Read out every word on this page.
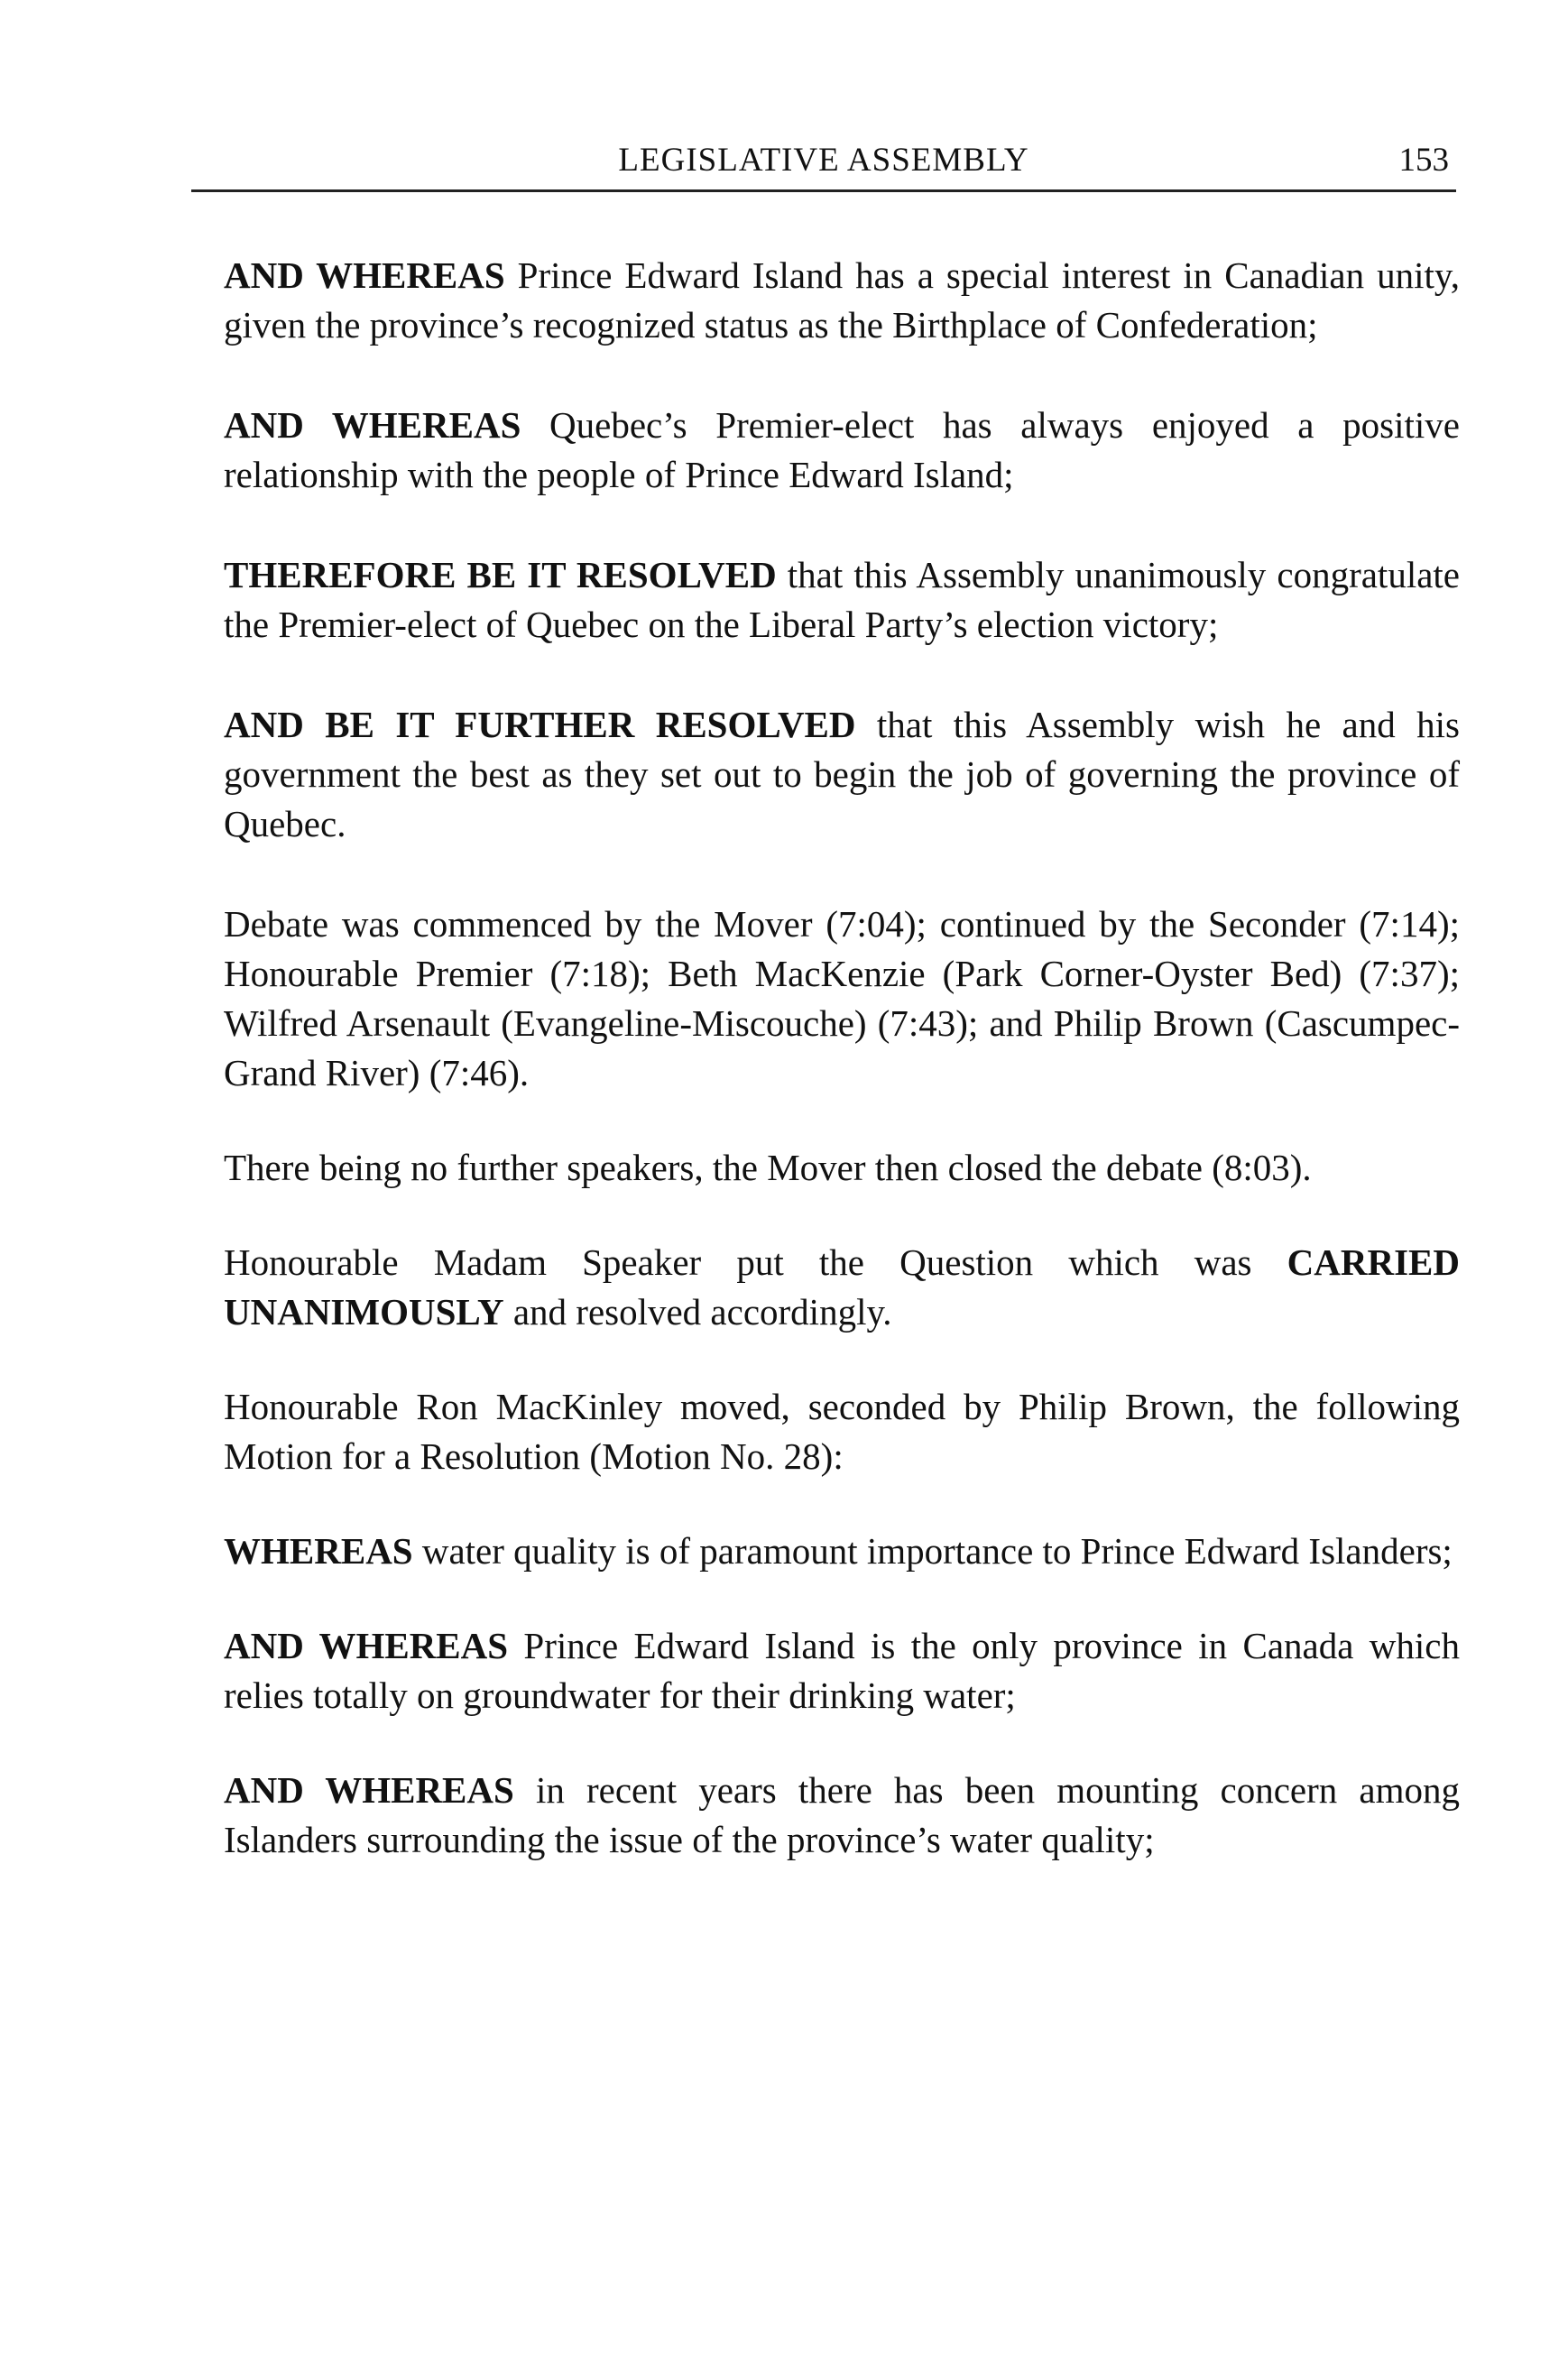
LEGISLATIVE ASSEMBLY	153

AND WHEREAS Prince Edward Island has a special interest in Canadian unity, given the province’s recognized status as the Birthplace of Confederation;

AND WHEREAS Quebec’s Premier-elect has always enjoyed a positive relationship with the people of Prince Edward Island;

THEREFORE BE IT RESOLVED that this Assembly unanimously congratulate the Premier-elect of Quebec on the Liberal Party’s election victory;

AND BE IT FURTHER RESOLVED that this Assembly wish he and his government the best as they set out to begin the job of governing the province of Quebec.

Debate was commenced by the Mover (7:04); continued by the Seconder (7:14); Honourable Premier (7:18); Beth MacKenzie (Park Corner-Oyster Bed) (7:37); Wilfred Arsenault (Evangeline-Miscouche) (7:43); and Philip Brown (Cascumpec-Grand River) (7:46).

There being no further speakers, the Mover then closed the debate (8:03).

Honourable Madam Speaker put the Question which was CARRIED UNANIMOUSLY and resolved accordingly.

Honourable Ron MacKinley moved, seconded by Philip Brown, the following Motion for a Resolution (Motion No. 28):

WHEREAS water quality is of paramount importance to Prince Edward Islanders;

AND WHEREAS Prince Edward Island is the only province in Canada which relies totally on groundwater for their drinking water;

AND WHEREAS in recent years there has been mounting concern among Islanders surrounding the issue of the province’s water quality;
